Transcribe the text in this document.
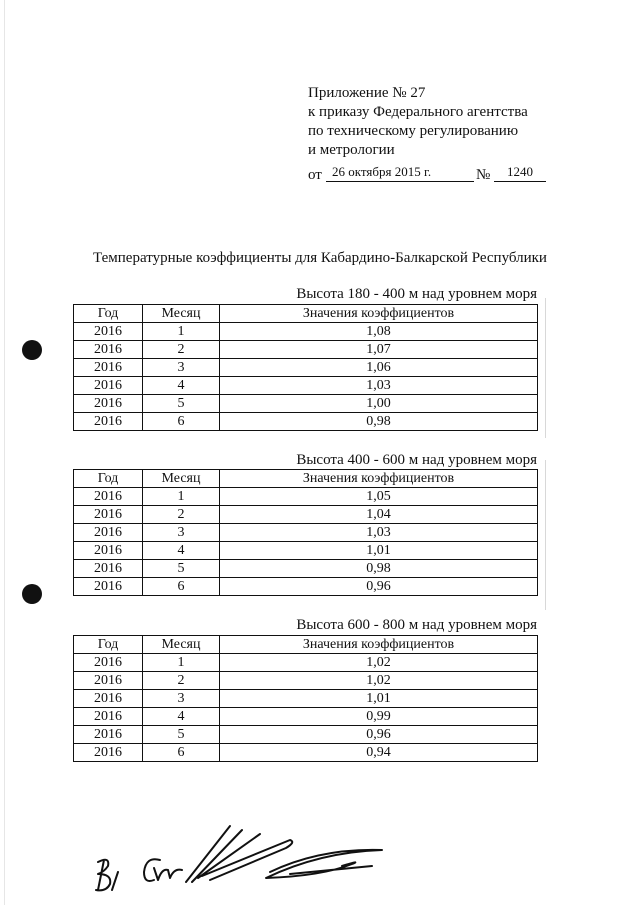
Приложение № 27
к приказу Федерального агентства
по техническому регулированию
и метрологии
от 26 октября 2015 г.	№	1240
Температурные коэффициенты для Кабардино-Балкарской Республики
Высота 180 - 400 м над уровнем моря
Год	Месяц	Значения коэффициентов
2016	1	1,08
2016	2	1,07
2016	3	1,06
2016	4	1,03
2016	5	1,00
2016	6	0,98
Высота 400 - 600 м над уровнем моря
Год	Месяц	Значения коэффициентов
2016	1	1,05
2016	2	1,04
2016	3	1,03
2016	4	1,01
2016	5	0,98
2016	6	0,96
Высота 600 - 800 м над уровнем моря
Год	Месяц	Значения коэффициентов
2016	1	1,02
2016	2	1,02
2016	3	1,01
2016	4	0,99
2016	5	0,96
2016	6	0,94
